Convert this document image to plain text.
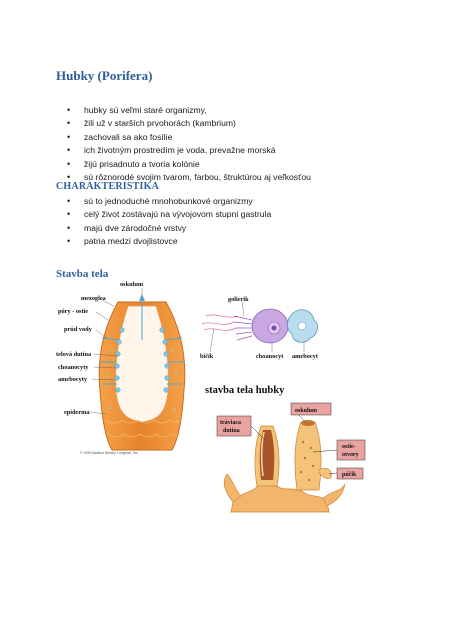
Hubky (Porifera)
• hubky sú veľmi staré organizmy,
• žili už v starších prvohorách (kambrium)
• zachovali sa ako fosílie
• ich životným prostredím je voda, prevažne morská
• žijú prisadnuto a tvoria kolónie
• sú rôznorodé svojim tvarom, farbou, štruktúrou aj veľkosťou
CHARAKTERISTIKA
• sú to jednoduché mnohobunkové organizmy
• celý život zostávajú na vývojovom stupni gastrula
• majú dve zárodočné vrstvy
• patria medzi dvojlistovce
Stavba tela
oskulum
mezoglea
póry - ostie
prúd vody
telová dutina
choanocyty
amebocyty
epiderma
© 1999 Addison Wesley Longman, Inc.
golierik
bičík	choanocyt amebocyt
stavba tela hubky
oskulum
tráviaca
dutina
ostie-
otvory
púčik
